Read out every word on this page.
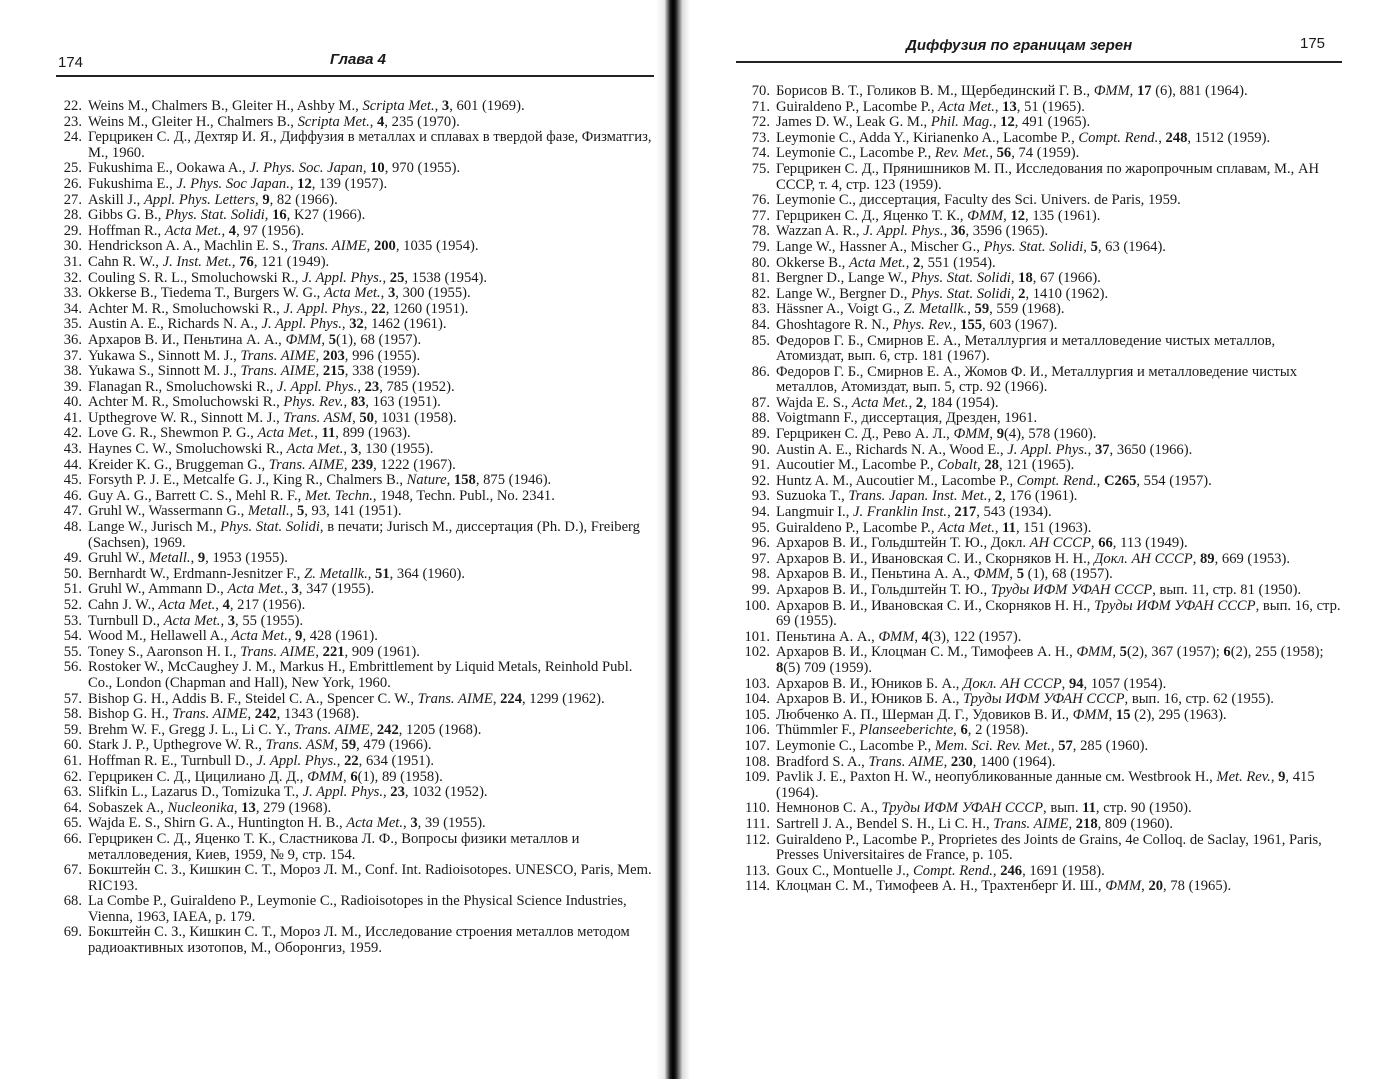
174	Глава 4
22. Weins M., Chalmers B., Gleiter H., Ashby M., Scripta Met., 3, 601 (1969).
23. Weins M., Gleiter H., Chalmers B., Scripta Met., 4, 235 (1970).
24. Герцрикен С. Д., Дехтяр И. Я., Диффузия в металлах и сплавах в твердой фазе, Физматгиз, М., 1960.
25. Fukushima E., Ookawa A., J. Phys. Soc. Japan, 10, 970 (1955).
26. Fukushima E., J. Phys. Soc Japan., 12, 139 (1957).
27. Askill J., Appl. Phys. Letters, 9, 82 (1966).
28. Gibbs G. B., Phys. Stat. Solidi, 16, K27 (1966).
29. Hoffman R., Acta Met., 4, 97 (1956).
30. Hendrickson A. A., Machlin E. S., Trans. AIME, 200, 1035 (1954).
31. Cahn R. W., J. Inst. Met., 76, 121 (1949).
32. Couling S. R. L., Smoluchowski R., J. Appl. Phys., 25, 1538 (1954).
33. Okkerse B., Tiedema T., Burgers W. G., Acta Met., 3, 300 (1955).
34. Achter M. R., Smoluchowski R., J. Appl. Phys., 22, 1260 (1951).
35. Austin A. E., Richards N. A., J. Appl. Phys., 32, 1462 (1961).
36. Архаров В. И., Пеньтина А. А., ФММ, 5(1), 68 (1957).
37. Yukawa S., Sinnott M. J., Trans. AIME, 203, 996 (1955).
38. Yukawa S., Sinnott M. J., Trans. AIME, 215, 338 (1959).
39. Flanagan R., Smoluchowski R., J. Appl. Phys., 23, 785 (1952).
40. Achter M. R., Smoluchowski R., Phys. Rev., 83, 163 (1951).
41. Upthegrove W. R., Sinnott M. J., Trans. ASM, 50, 1031 (1958).
42. Love G. R., Shewmon P. G., Acta Met., 11, 899 (1963).
43. Haynes C. W., Smoluchowski R., Acta Met., 3, 130 (1955).
44. Kreider K. G., Bruggeman G., Trans. AIME, 239, 1222 (1967).
45. Forsyth P. J. E., Metcalfe G. J., King R., Chalmers B., Nature, 158, 875 (1946).
46. Guy A. G., Barrett C. S., Mehl R. F., Met. Techn., 1948, Techn. Publ., No. 2341.
47. Gruhl W., Wassermann G., Metall., 5, 93, 141 (1951).
48. Lange W., Jurisch M., Phys. Stat. Solidi, в печати; Jurisch M., диссертация (Ph. D.), Freiberg (Sachsen), 1969.
49. Gruhl W., Metall., 9, 1953 (1955).
50. Bernhardt W., Erdmann-Jesnitzer F., Z. Metallk., 51, 364 (1960).
51. Gruhl W., Ammann D., Acta Met., 3, 347 (1955).
52. Cahn J. W., Acta Met., 4, 217 (1956).
53. Turnbull D., Acta Met., 3, 55 (1955).
54. Wood M., Hellawell A., Acta Met., 9, 428 (1961).
55. Toney S., Aaronson H. I., Trans. AIME, 221, 909 (1961).
56. Rostoker W., McCaughey J. M., Markus H., Embrittlement by Liquid Metals, Reinhold Publ. Co., London (Chapman and Hall), New York, 1960.
57. Bishop G. H., Addis B. F., Steidel C. A., Spencer C. W., Trans. AIME, 224, 1299 (1962).
58. Bishop G. H., Trans. AIME, 242, 1343 (1968).
59. Brehm W. F., Gregg J. L., Li C. Y., Trans. AIME, 242, 1205 (1968).
60. Stark J. P., Upthegrove W. R., Trans. ASM, 59, 479 (1966).
61. Hoffman R. E., Turnbull D., J. Appl. Phys., 22, 634 (1951).
62. Герцрикен С. Д., Цицилиано Д. Д., ФММ, 6(1), 89 (1958).
63. Slifkin L., Lazarus D., Tomizuka T., J. Appl. Phys., 23, 1032 (1952).
64. Sobaszek A., Nucleonika, 13, 279 (1968).
65. Wajda E. S., Shirn G. A., Huntington H. B., Acta Met., 3, 39 (1955).
66. Герцрикен С. Д., Яценко Т. К., Сластникова Л. Ф., Вопросы физики металлов и металловедения, Киев, 1959, № 9, стр. 154.
67. Бокштейн С. З., Кишкин С. Т., Мороз Л. М., Conf. Int. Radioisotopes. UNESCO, Paris, Mem. RIC193.
68. La Combe P., Guiraldeno P., Leymonie C., Radioisotopes in the Physical Science Industries, Vienna, 1963, IAEA, p. 179.
69. Бокштейн С. З., Кишкин С. Т., Мороз Л. М., Исследование строения металлов методом радиоактивных изотопов, М., Оборонгиз, 1959.
Диффузия по границам зерен	175
70. Борисов В. Т., Голиков В. М., Щербединский Г. В., ФММ, 17 (6), 881 (1964).
71. Guiraldeno P., Lacombe P., Acta Met., 13, 51 (1965).
72. James D. W., Leak G. M., Phil. Mag., 12, 491 (1965).
73. Leymonie C., Adda Y., Kirianenko A., Lacombe P., Compt. Rend., 248, 1512 (1959).
74. Leymonie C., Lacombe P., Rev. Met., 56, 74 (1959).
75. Герцрикен С. Д., Прянишников М. П., Исследования по жаропрочным сплавам, М., АН СССР, т. 4, стр. 123 (1959).
76. Leymonie C., диссертация, Faculty des Sci. Univers. de Paris, 1959.
77. Герцрикен С. Д., Яценко Т. К., ФММ, 12, 135 (1961).
78. Wazzan A. R., J. Appl. Phys., 36, 3596 (1965).
79. Lange W., Hassner A., Mischer G., Phys. Stat. Solidi, 5, 63 (1964).
80. Okkerse B., Acta Met., 2, 551 (1954).
81. Bergner D., Lange W., Phys. Stat. Solidi, 18, 67 (1966).
82. Lange W., Bergner D., Phys. Stat. Solidi, 2, 1410 (1962).
83. Hässner A., Voigt G., Z. Metallk., 59, 559 (1968).
84. Ghoshtagore R. N., Phys. Rev., 155, 603 (1967).
85. Федоров Г. Б., Смирнов Е. А., Металлургия и металловедение чистых металлов, Атомиздат, вып. 6, стр. 181 (1967).
86. Федоров Г. Б., Смирнов Е. А., Жомов Ф. И., Металлургия и металловедение чистых металлов, Атомиздат, вып. 5, стр. 92 (1966).
87. Wajda E. S., Acta Met., 2, 184 (1954).
88. Voigtmann F., диссертация, Дрезден, 1961.
89. Герцрикен С. Д., Рево А. Л., ФММ, 9(4), 578 (1960).
90. Austin A. E., Richards N. A., Wood E., J. Appl. Phys., 37, 3650 (1966).
91. Aucoutier M., Lacombe P., Cobalt, 28, 121 (1965).
92. Huntz A. M., Aucoutier M., Lacombe P., Compt. Rend., C265, 554 (1957).
93. Suzuoka T., Trans. Japan. Inst. Met., 2, 176 (1961).
94. Langmuir I., J. Franklin Inst., 217, 543 (1934).
95. Guiraldeno P., Lacombe P., Acta Met., 11, 151 (1963).
96. Архаров В. И., Гольдштейн Т. Ю., Докл. АН СССР, 66, 113 (1949).
97. Архаров В. И., Ивановская С. И., Скорняков Н. Н., Докл. АН СССР, 89, 669 (1953).
98. Архаров В. И., Пеньтина А. А., ФММ, 5 (1), 68 (1957).
99. Архаров В. И., Гольдштейн Т. Ю., Труды ИФМ УФАН СССР, вып. 11, стр. 81 (1950).
100. Архаров В. И., Ивановская С. И., Скорняков Н. Н., Труды ИФМ УФАН СССР, вып. 16, стр. 69 (1955).
101. Пеньтина А. А., ФММ, 4(3), 122 (1957).
102. Архаров В. И., Клоцман С. М., Тимофеев А. Н., ФММ, 5(2), 367 (1957); 6(2), 255 (1958); 8(5) 709 (1959).
103. Архаров В. И., Юников Б. А., Докл. АН СССР, 94, 1057 (1954).
104. Архаров В. И., Юников Б. А., Труды ИФМ УФАН СССР, вып. 16, стр. 62 (1955).
105. Любченко А. П., Шерман Д. Г., Удовиков В. И., ФММ, 15 (2), 295 (1963).
106. Thümmler F., Planseeberichte, 6, 2 (1958).
107. Leymonie C., Lacombe P., Mem. Sci. Rev. Met., 57, 285 (1960).
108. Bradford S. A., Trans. AIME, 230, 1400 (1964).
109. Pavlik J. E., Paxton H. W., неопубликованные данные см. Westbrook H., Met. Rev., 9, 415 (1964).
110. Немнонов С. А., Труды ИФМ УФАН СССР, вып. 11, стр. 90 (1950).
111. Sartrell J. A., Bendel S. H., Li C. H., Trans. AIME, 218, 809 (1960).
112. Guiraldeno P., Lacombe P., Proprietes des Joints de Grains, 4e Colloq. de Saclay, 1961, Paris, Presses Universitaires de France, p. 105.
113. Goux C., Montuelle J., Compt. Rend., 246, 1691 (1958).
114. Клоцман С. М., Тимофеев А. Н., Трахтенберг И. Ш., ФММ, 20, 78 (1965).
